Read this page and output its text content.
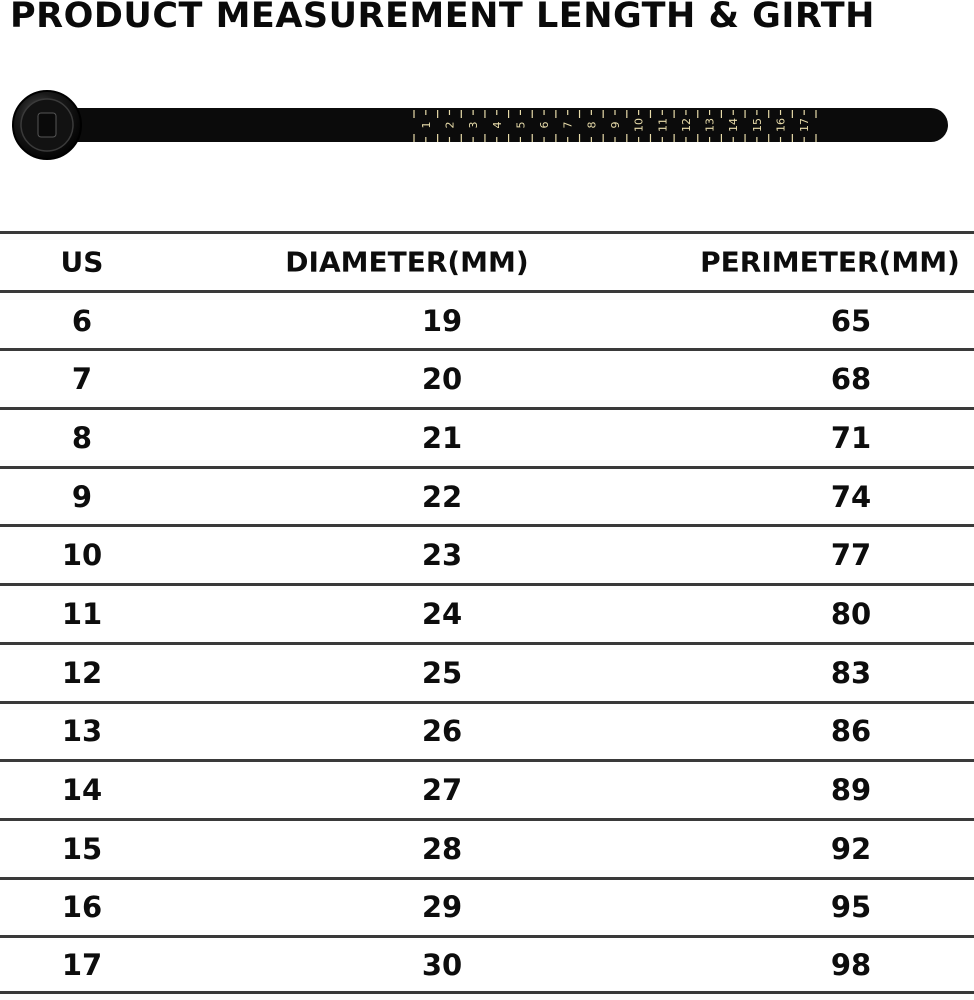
PRODUCT MEASUREMENT LENGTH & GIRTH
1 2 3 4 5 6 7 8 9 10 11 12 13 14 15 16 17
US	DIAMETER(MM)	PERIMETER(MM)
6	19	65
7	20	68
8	21	71
9	22	74
10	23	77
11	24	80
12	25	83
13	26	86
14	27	89
15	28	92
16	29	95
17	30	98
